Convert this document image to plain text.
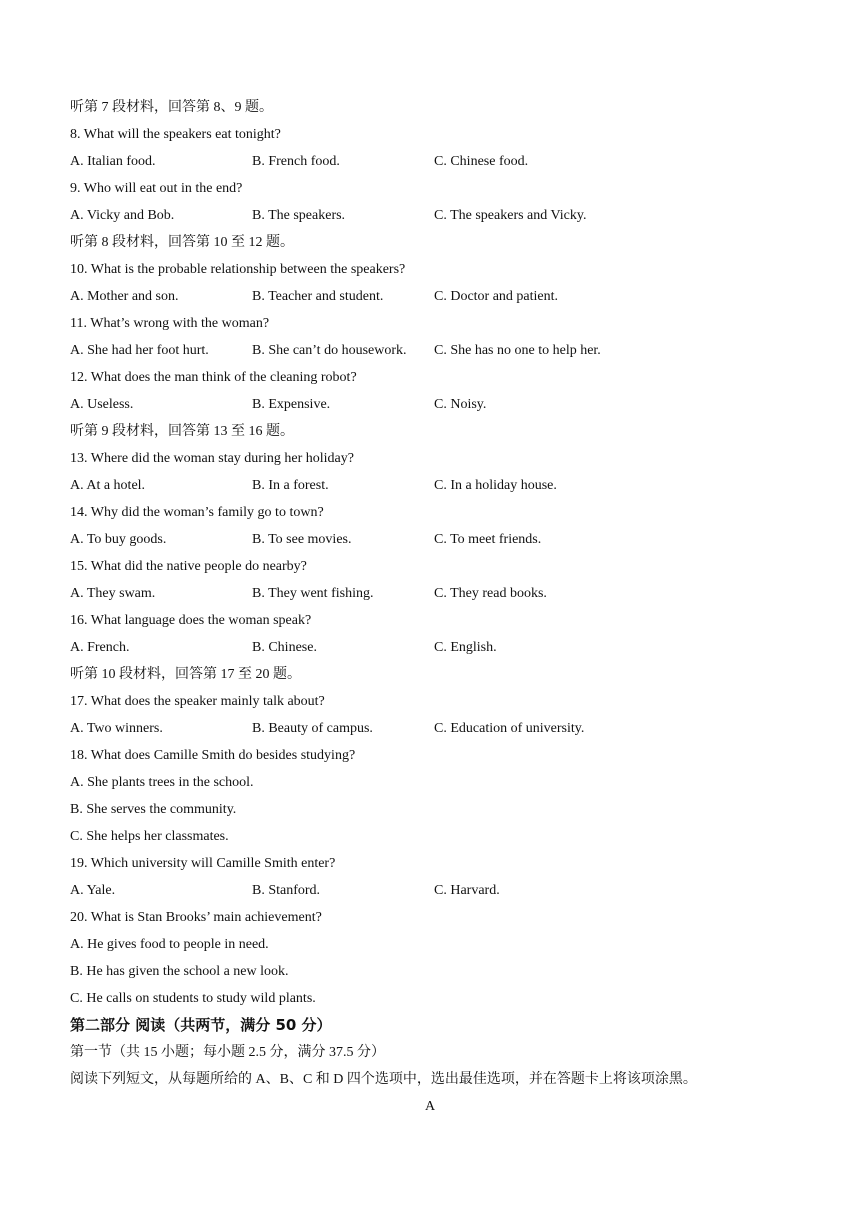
听第 7 段材料，回答第 8、9 题。
8. What will the speakers eat tonight?
A. Italian food.	B. French food.	C. Chinese food.
9. Who will eat out in the end?
A. Vicky and Bob.	B. The speakers.	C. The speakers and Vicky.
听第 8 段材料，回答第 10 至 12 题。
10. What is the probable relationship between the speakers?
A. Mother and son.	B. Teacher and student.	C. Doctor and patient.
11. What’s wrong with the woman?
A. She had her foot hurt.	B. She can’t do housework. C. She has no one to help her.
12. What does the man think of the cleaning robot?
A. Useless.	B. Expensive.	C. Noisy.
听第 9 段材料，回答第 13 至 16 题。
13. Where did the woman stay during her holiday?
A. At a hotel.	B. In a forest.	C. In a holiday house.
14. Why did the woman’s family go to town?
A. To buy goods.	B. To see movies.	C. To meet friends.
15. What did the native people do nearby?
A. They swam.	B. They went fishing.	C. They read books.
16. What language does the woman speak?
A. French.	B. Chinese.	C. English.
听第 10 段材料，回答第 17 至 20 题。
17. What does the speaker mainly talk about?
A. Two winners.	B. Beauty of campus.	C. Education of university.
18. What does Camille Smith do besides studying?
A. She plants trees in the school.
B. She serves the community.
C. She helps her classmates.
19. Which university will Camille Smith enter?
A. Yale.	B. Stanford.	C. Harvard.
20. What is Stan Brooks’ main achievement?
A. He gives food to people in need.
B. He has given the school a new look.
C. He calls on students to study wild plants.
第二部分 阅读（共两节，满分 50 分）
第一节（共 15 小题；每小题 2.5 分，满分 37.5 分）
阅读下列短文，从每题所给的 A、B、C 和 D 四个选项中，选出最佳选项，并在答题卡上将该项涂黑。
A
